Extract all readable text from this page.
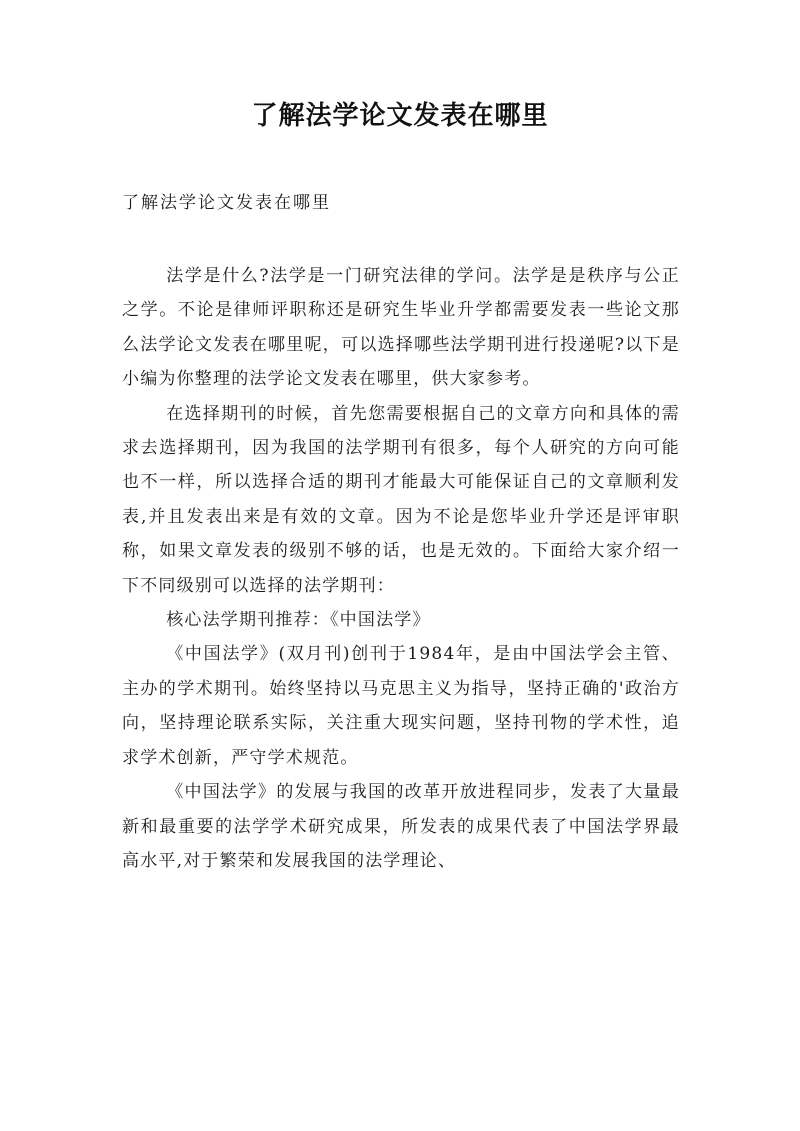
了解法学论文发表在哪里

了解法学论文发表在哪里

法学是什么?法学是一门研究法律的学问。法学是是秩序与公正之学。不论是律师评职称还是研究生毕业升学都需要发表一些论文那么法学论文发表在哪里呢，可以选择哪些法学期刊进行投递呢?以下是小编为你整理的法学论文发表在哪里，供大家参考。

在选择期刊的时候，首先您需要根据自己的文章方向和具体的需求去选择期刊，因为我国的法学期刊有很多，每个人研究的方向可能也不一样，所以选择合适的期刊才能最大可能保证自己的文章顺利发表,并且发表出来是有效的文章。因为不论是您毕业升学还是评审职称，如果文章发表的级别不够的话，也是无效的。下面给大家介绍一下不同级别可以选择的法学期刊：

核心法学期刊推荐：《中国法学》

《中国法学》(双月刊)创刊于1984年，是由中国法学会主管、主办的学术期刊。始终坚持以马克思主义为指导，坚持正确的'政治方向，坚持理论联系实际，关注重大现实问题，坚持刊物的学术性，追求学术创新，严守学术规范。

《中国法学》的发展与我国的改革开放进程同步，发表了大量最新和最重要的法学学术研究成果，所发表的成果代表了中国法学界最高水平,对于繁荣和发展我国的法学理论、
